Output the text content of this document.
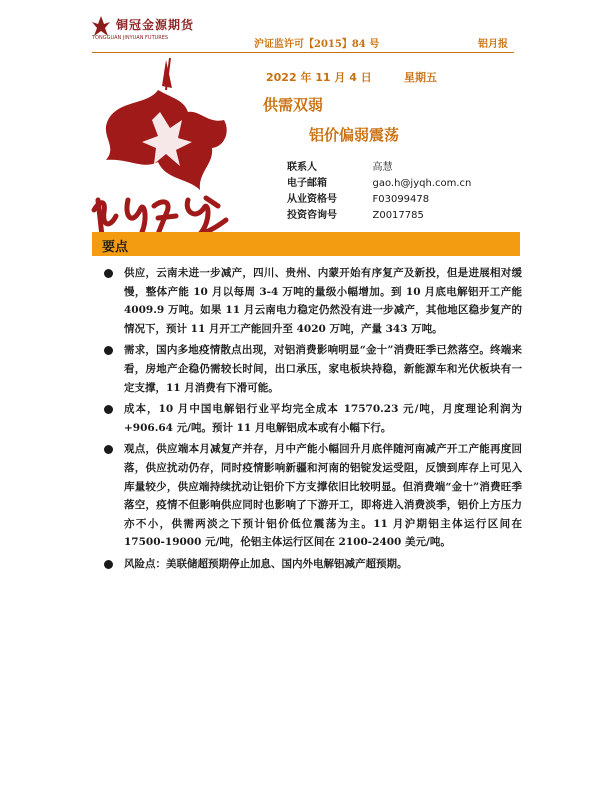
铜冠金源期货
TONGGUAN JINYUAN FUTURES
沪证监许可【2015】84 号	铝月报
2022 年 11 月 4 日	星期五
供需双弱
铝价偏弱震荡
联系人	高慧
电子邮箱	gao.h@jyqh.com.cn
从业资格号	F03099478
投资咨询号	Z0017785
要点
供应，云南未进一步减产，四川、贵州、内蒙开始有序复产及新投，但是进展相对缓慢，整体产能 10 月以每周 3-4 万吨的量级小幅增加。到 10 月底电解铝开工产能 4009.9 万吨。如果 11 月云南电力稳定仍然没有进一步减产，其他地区稳步复产的情况下，预计 11 月开工产能回升至 4020 万吨，产量 343 万吨。
需求，国内多地疫情散点出现，对铝消费影响明显“金十”消费旺季已然落空。终端来看，房地产企稳仍需较长时间，出口承压，家电板块持稳，新能源车和光伏板块有一定支撑，11 月消费有下滑可能。
成本，10 月中国电解铝行业平均完全成本 17570.23 元/吨，月度理论利润为+906.64 元/吨。预计 11 月电解铝成本或有小幅下行。
观点，供应端本月减复产并存，月中产能小幅回升月底伴随河南减产开工产能再度回落，供应扰动仍存，同时疫情影响新疆和河南的铝锭发运受阻，反馈到库存上可见入库量较少，供应端持续扰动让铝价下方支撑依旧比较明显。但消费端“金十”消费旺季落空，疫情不但影响供应同时也影响了下游开工，即将进入消费淡季，铝价上方压力亦不小，供需两淡之下预计铝价低位震荡为主。11 月沪期铝主体运行区间在 17500-19000 元/吨，伦铝主体运行区间在 2100-2400 美元/吨。
风险点：美联储超预期停止加息、国内外电解铝减产超预期。
